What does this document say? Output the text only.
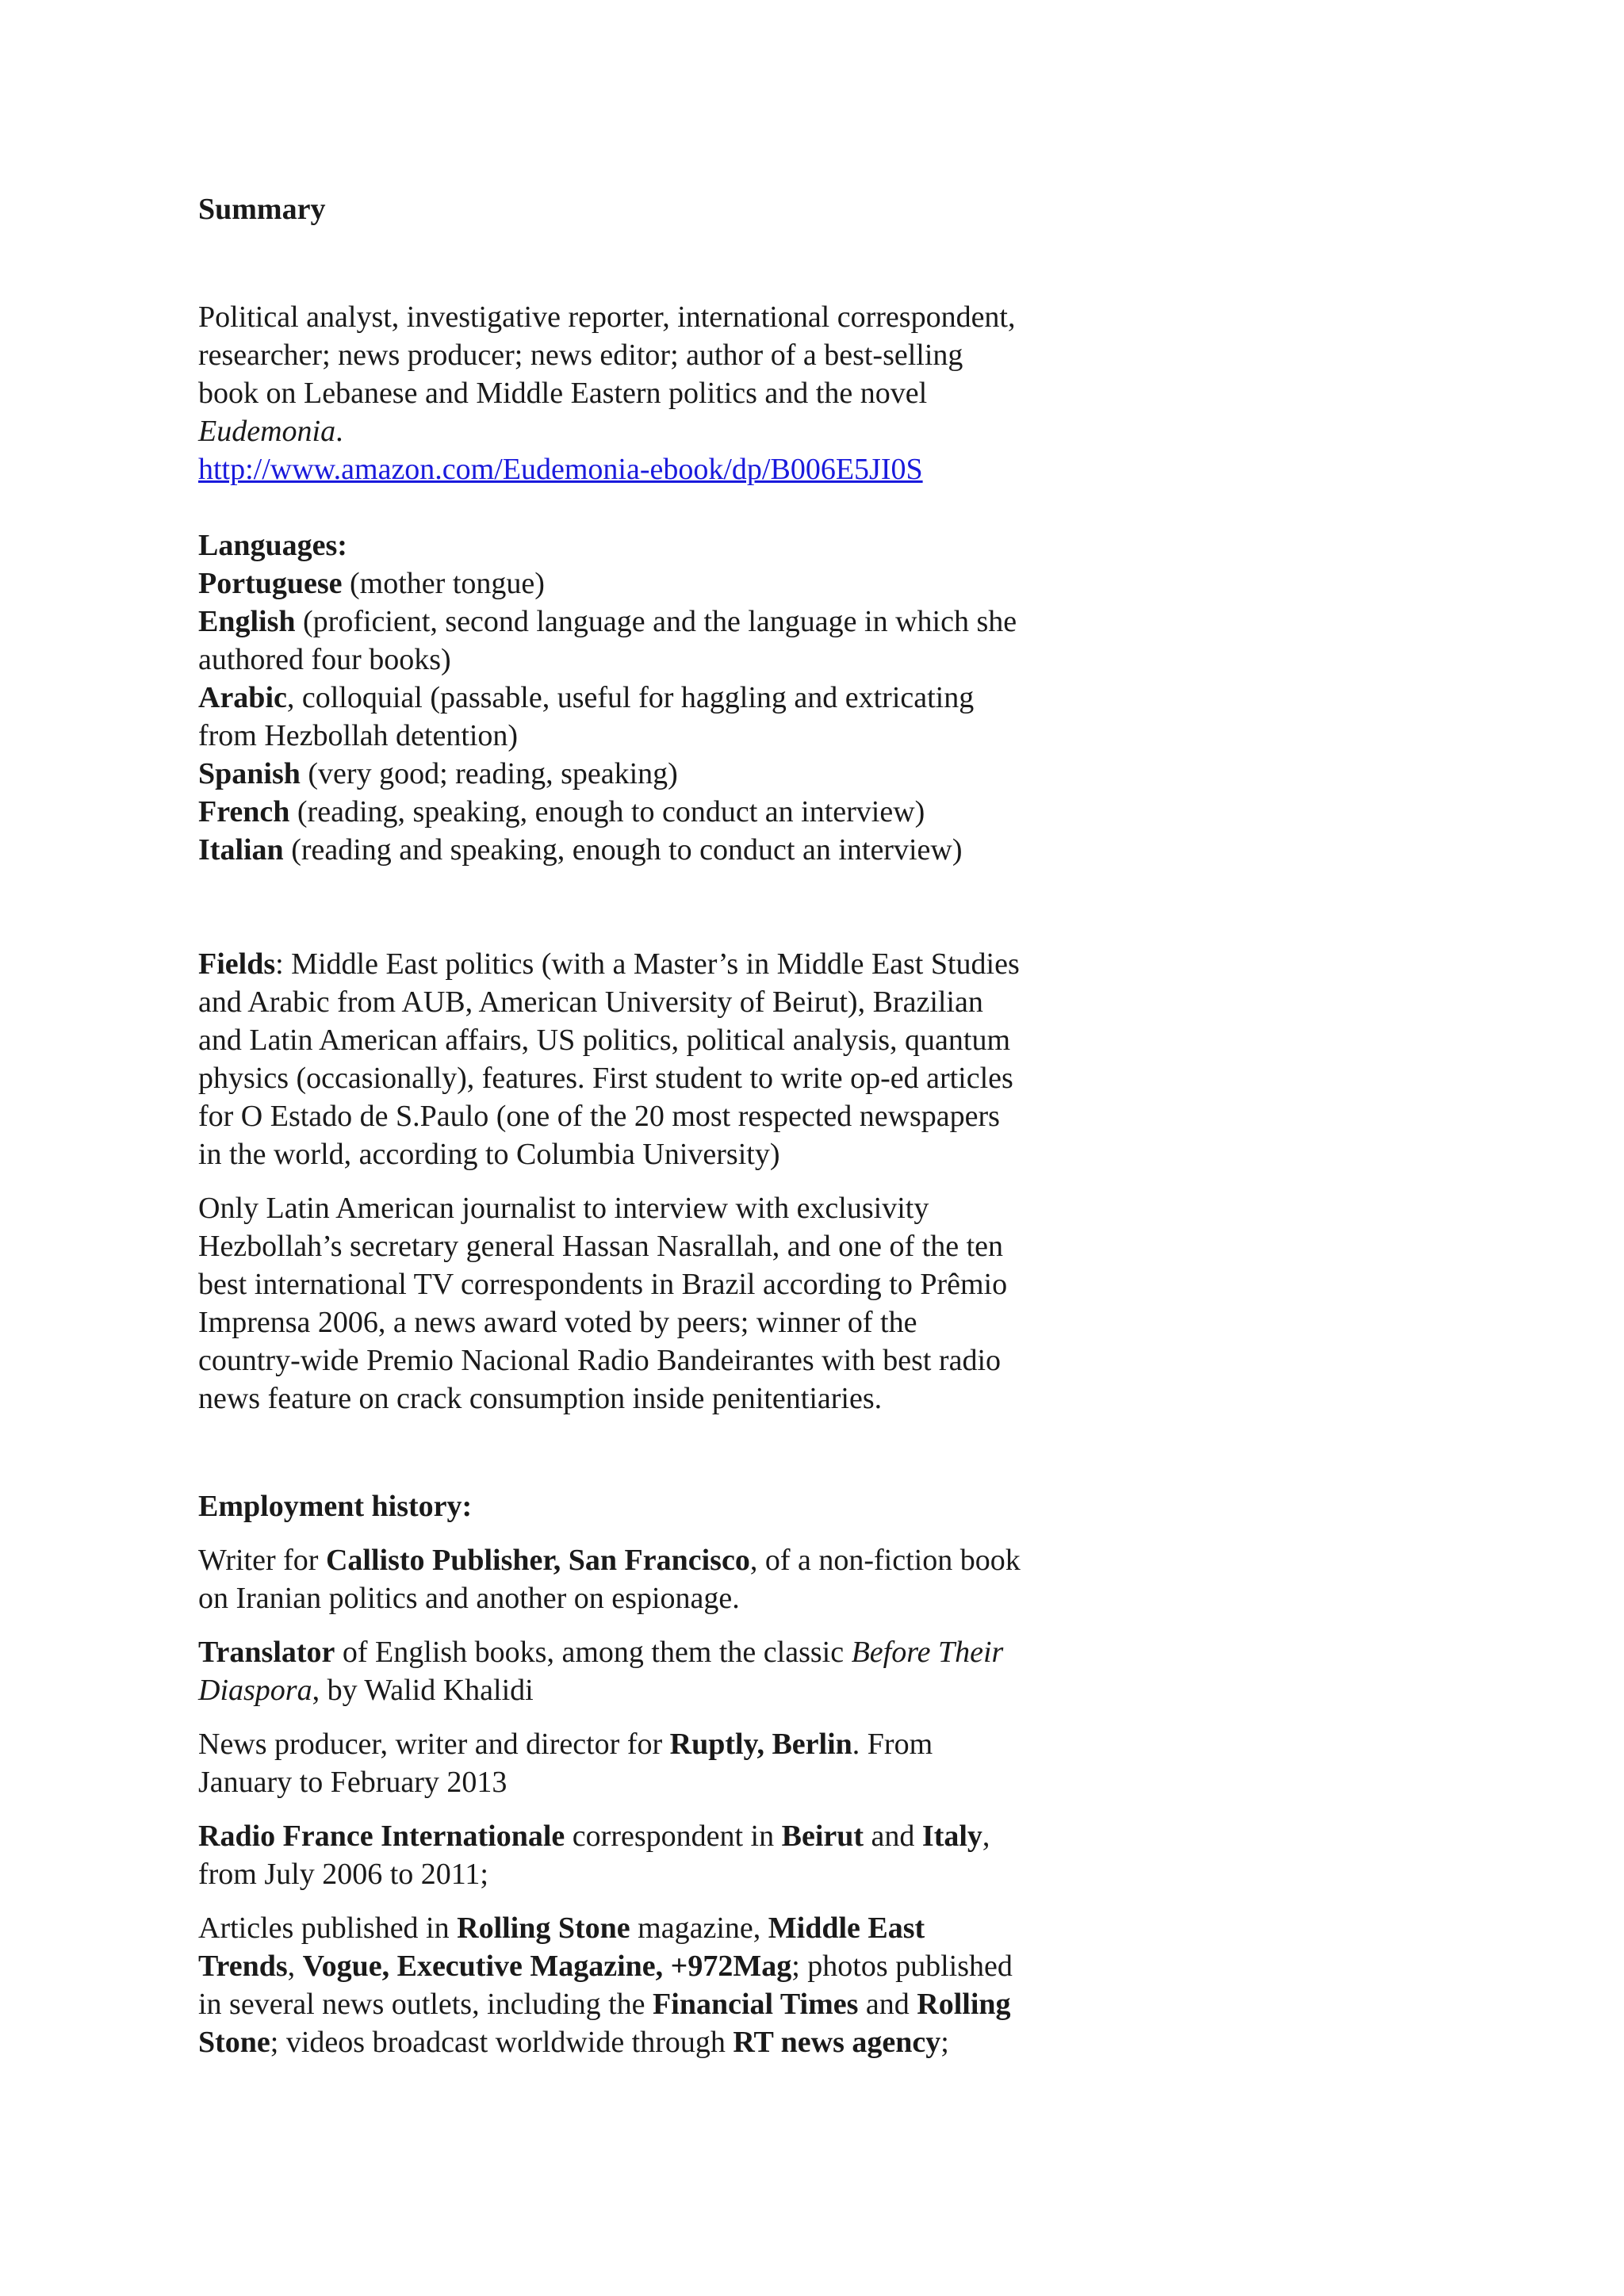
Summary

Political analyst, investigative reporter, international correspondent,
researcher; news producer; news editor; author of a best-selling
book on Lebanese and Middle Eastern politics and the novel
Eudemonia.
http://www.amazon.com/Eudemonia-ebook/dp/B006E5JI0S
Languages:
Portuguese (mother tongue)
English (proficient, second language and the language in which she
authored four books)
Arabic, colloquial (passable, useful for haggling and extricating
from Hezbollah detention)
Spanish (very good; reading, speaking)
French (reading, speaking, enough to conduct an interview)
Italian (reading and speaking, enough to conduct an interview)
Fields: Middle East politics (with a Master’s in Middle East Studies
and Arabic from AUB, American University of Beirut), Brazilian
and Latin American affairs, US politics, political analysis, quantum
physics (occasionally), features. First student to write op-ed articles
for O Estado de S.Paulo (one of the 20 most respected newspapers
in the world, according to Columbia University)
Only Latin American journalist to interview with exclusivity
Hezbollah’s secretary general Hassan Nasrallah, and one of the ten
best international TV correspondents in Brazil according to Prêmio
Imprensa 2006, a news award voted by peers; winner of the
country-wide Premio Nacional Radio Bandeirantes with best radio
news feature on crack consumption inside penitentiaries.
Employment history:
Writer for Callisto Publisher, San Francisco, of a non-fiction book
on Iranian politics and another on espionage.
Translator of English books, among them the classic Before Their
Diaspora, by Walid Khalidi
News producer, writer and director for Ruptly, Berlin. From
January to February 2013
Radio France Internationale correspondent in Beirut and Italy,
from July 2006 to 2011;
Articles published in Rolling Stone magazine, Middle East
Trends, Vogue, Executive Magazine, +972Mag; photos published
in several news outlets, including the Financial Times and Rolling
Stone; videos broadcast worldwide through RT news agency;
